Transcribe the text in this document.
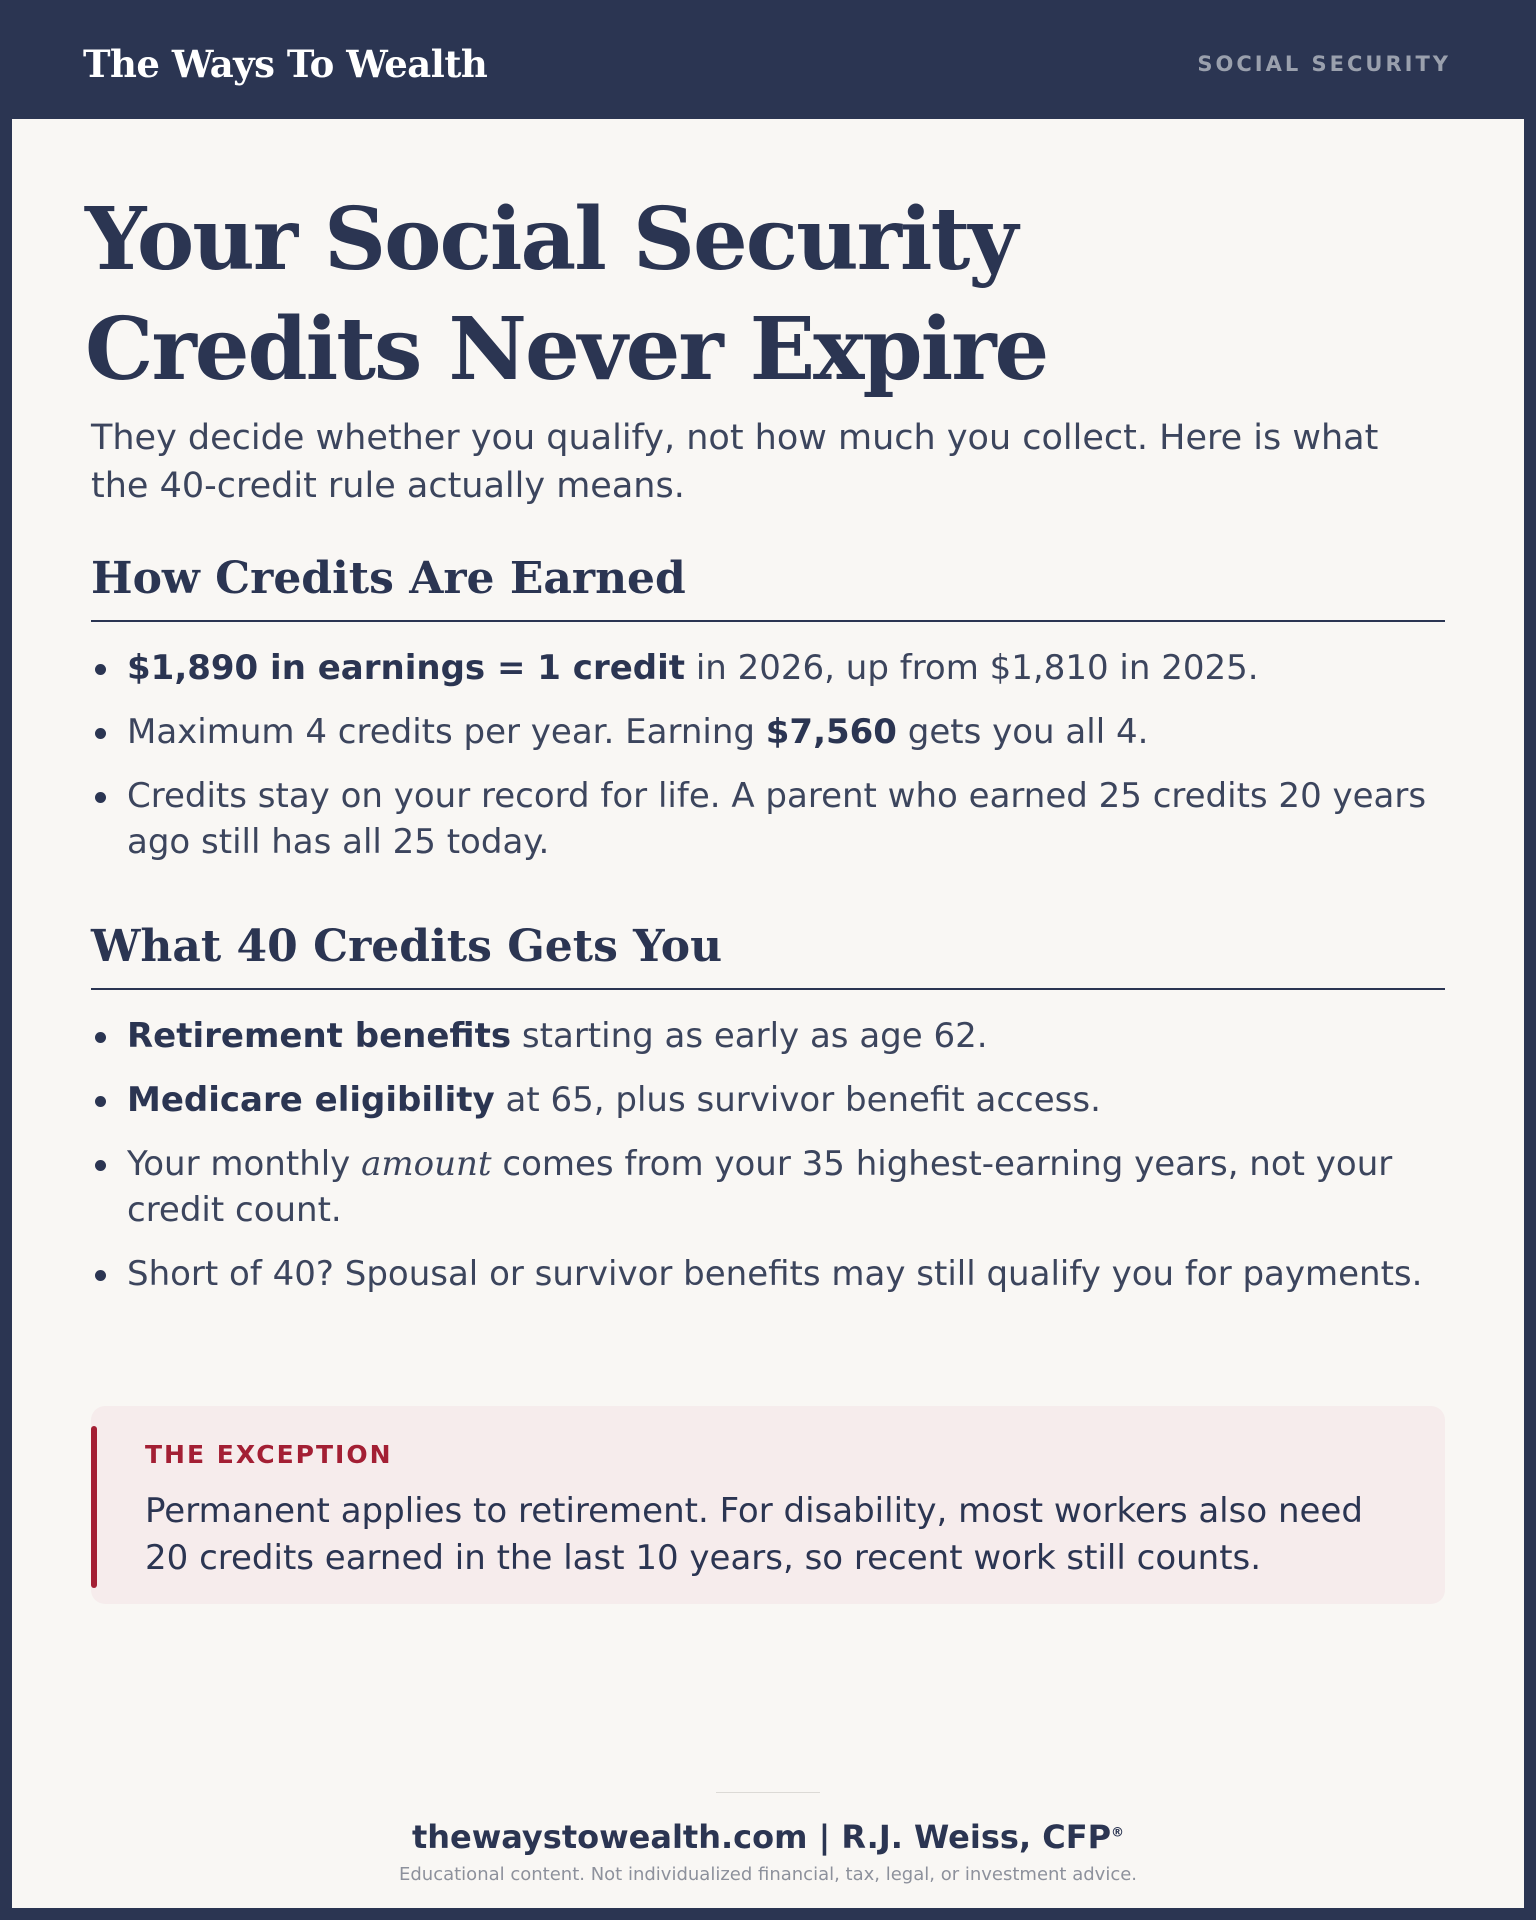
The Ways To Wealth	SOCIAL SECURITY
Your Social Security
Credits Never Expire

They decide whether you qualify, not how much you collect. Here is what the 40-credit rule actually means.

How Credits Are Earned
$1,890 in earnings = 1 credit in 2026, up from $1,810 in 2025.
Maximum 4 credits per year. Earning $7,560 gets you all 4.
Credits stay on your record for life. A parent who earned 25 credits 20 years ago still has all 25 today.
What 40 Credits Gets You
Retirement benefits starting as early as age 62.
Medicare eligibility at 65, plus survivor benefit access.
Your monthly amount comes from your 35 highest-earning years, not your credit count.
Short of 40? Spousal or survivor benefits may still qualify you for payments.
THE EXCEPTION
Permanent applies to retirement. For disability, most workers also need 20 credits earned in the last 10 years, so recent work still counts.
thewaystowealth.com | R.J. Weiss, CFP®
Educational content. Not individualized financial, tax, legal, or investment advice.
